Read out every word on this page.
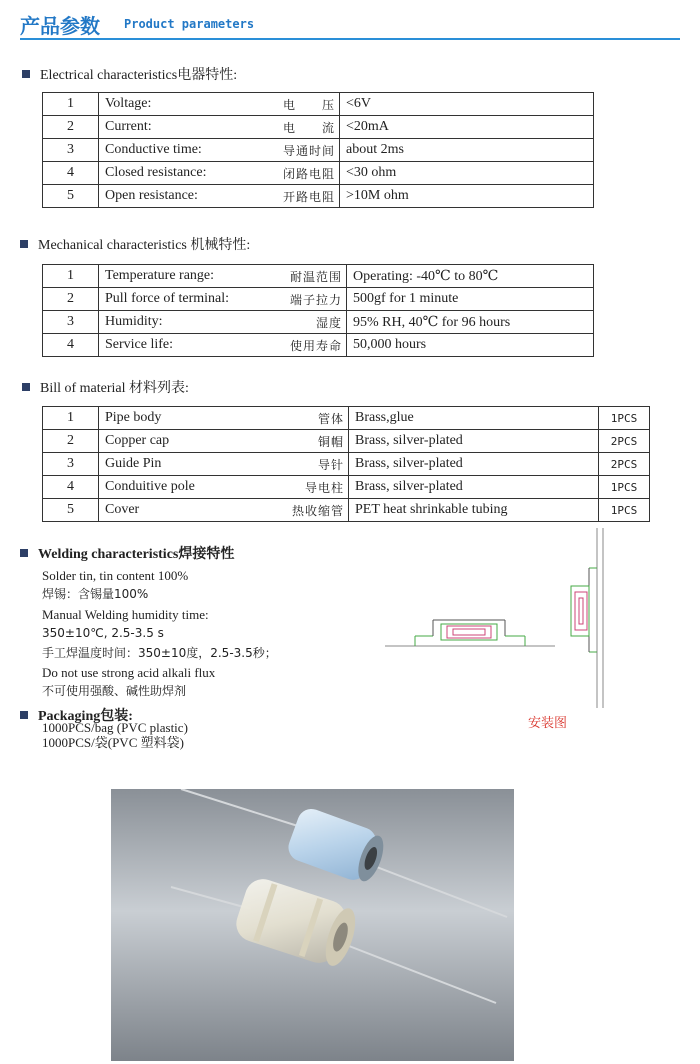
产品参数 Product parameters
Electrical characteristics电器特性:
1	Voltage:	电　　压	<6V
2	Current:	电　　流	<20mA
3	Conductive time:	导通时间	about 2ms
4	Closed resistance:	闭路电阻	<30 ohm
5	Open resistance:	开路电阻	>10M ohm
Mechanical characteristics 机械特性:
1	Temperature range:	耐温范围	Operating: -40℃ to 80℃
2	Pull force of terminal:	端子拉力	500gf for 1 minute
3	Humidity:	湿度	95% RH, 40℃ for 96 hours
4	Service life:	使用寿命	50,000 hours
Bill of material 材料列表:
1	Pipe body	管体	Brass,glue	1PCS
2	Copper cap	铜帽	Brass, silver-plated	2PCS
3	Guide Pin	导针	Brass, silver-plated	2PCS
4	Conduitive pole	导电柱	Brass, silver-plated	1PCS
5	Cover	热收缩管	PET heat shrinkable tubing	1PCS
Welding characteristics焊接特性
Solder tin, tin content 100%
焊锡：含锡量100%
Manual Welding humidity time:
350±10℃, 2.5-3.5 s
手工焊温度时间：350±10度，2.5-3.5秒；
Do not use strong acid alkali flux
不可使用强酸、碱性助焊剂
Packaging包装:
1000PCS/bag (PVC plastic)
1000PCS/袋(PVC 塑料袋)
安装图
